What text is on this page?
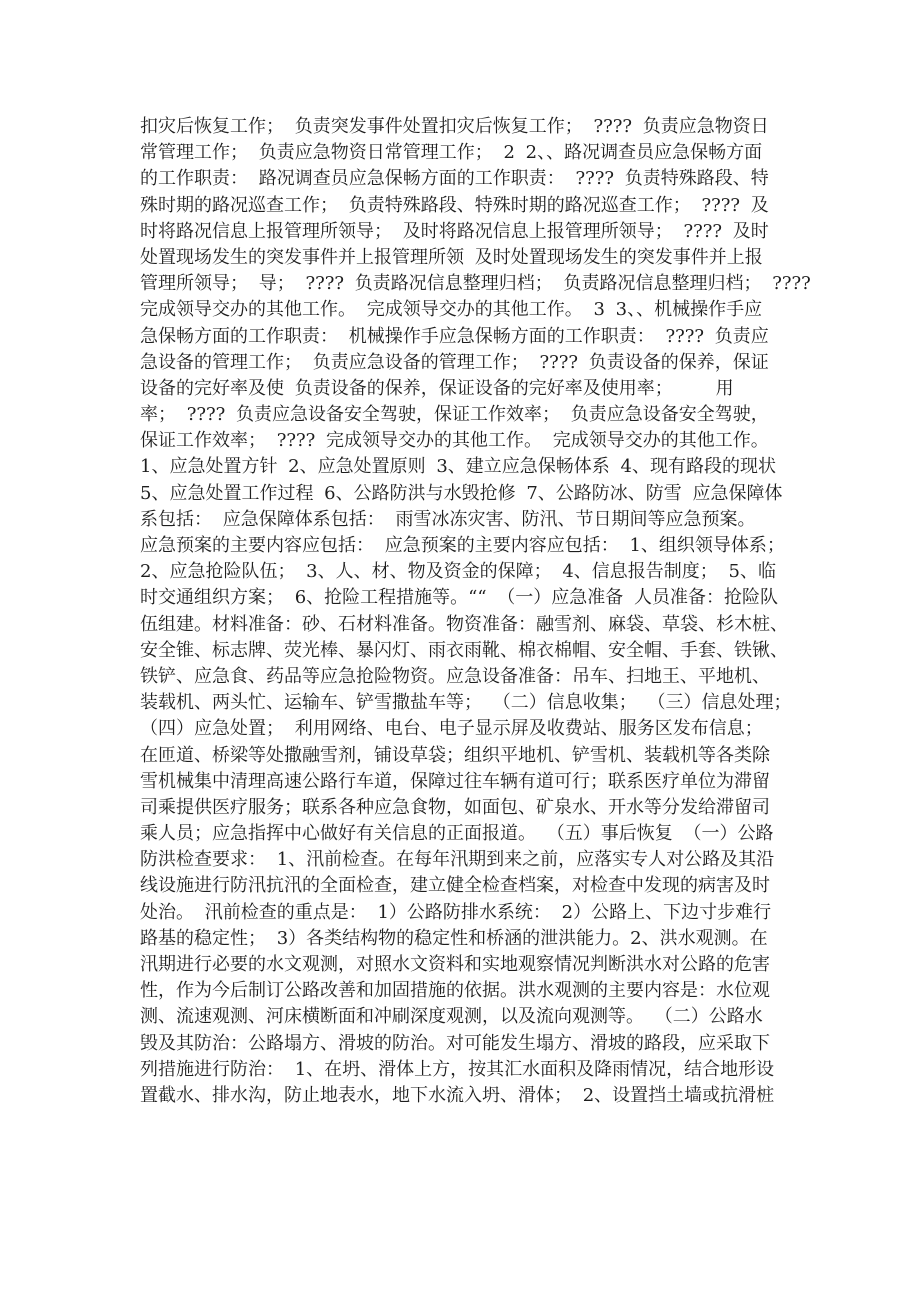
扣灾后恢复工作； 负责突发事件处置扣灾后恢复工作； ???? 负责应急物资日
常管理工作； 负责应急物资日常管理工作； 2 2、、路况调查员应急保畅方面
的工作职责： 路况调查员应急保畅方面的工作职责： ???? 负责特殊路段、特
殊时期的路况巡查工作； 负责特殊路段、特殊时期的路况巡查工作； ???? 及
时将路况信息上报管理所领导； 及时将路况信息上报管理所领导； ???? 及时
处置现场发生的突发事件并上报管理所领 及时处置现场发生的突发事件并上报
管理所领导； 导； ???? 负责路况信息整理归档； 负责路况信息整理归档； ????
完成领导交办的其他工作。 完成领导交办的其他工作。 3 3、、机械操作手应
急保畅方面的工作职责： 机械操作手应急保畅方面的工作职责： ???? 负责应
急设备的管理工作； 负责应急设备的管理工作； ???? 负责设备的保养，保证
设备的完好率及使 负责设备的保养，保证设备的完好率及使用率；    用
率； ???? 负责应急设备安全驾驶，保证工作效率； 负责应急设备安全驾驶，
保证工作效率； ???? 完成领导交办的其他工作。 完成领导交办的其他工作。
1、应急处置方针 2、应急处置原则 3、建立应急保畅体系 4、现有路段的现状
5、应急处置工作过程 6、公路防洪与水毁抢修 7、公路防冰、防雪 应急保障体
系包括： 应急保障体系包括： 雨雪冰冻灾害、防汛、节日期间等应急预案。
应急预案的主要内容应包括： 应急预案的主要内容应包括： 1、组织领导体系；
2、应急抢险队伍； 3、人、材、物及资金的保障； 4、信息报告制度； 5、临
时交通组织方案； 6、抢险工程措施等。““ （一）应急准备 人员准备：抢险队
伍组建。材料准备：砂、石材料准备。物资准备：融雪剂、麻袋、草袋、杉木桩、
安全锥、标志牌、荧光棒、暴闪灯、雨衣雨靴、棉衣棉帽、安全帽、手套、铁锹、
铁铲、应急食、药品等应急抢险物资。应急设备准备：吊车、扫地王、平地机、
装载机、两头忙、运输车、铲雪撒盐车等； （二）信息收集； （三）信息处理；
（四）应急处置； 利用网络、电台、电子显示屏及收费站、服务区发布信息；
在匝道、桥梁等处撒融雪剂，铺设草袋；组织平地机、铲雪机、装载机等各类除
雪机械集中清理高速公路行车道，保障过往车辆有道可行；联系医疗单位为滞留
司乘提供医疗服务；联系各种应急食物，如面包、矿泉水、开水等分发给滞留司
乘人员；应急指挥中心做好有关信息的正面报道。 （五）事后恢复 （一）公路
防洪检查要求： 1、汛前检查。在每年汛期到来之前，应落实专人对公路及其沿
线设施进行防汛抗汛的全面检查，建立健全检查档案，对检查中发现的病害及时
处治。 汛前检查的重点是： 1）公路防排水系统： 2）公路上、下边寸步难行
路基的稳定性； 3）各类结构物的稳定性和桥涵的泄洪能力。2、洪水观测。在
汛期进行必要的水文观测，对照水文资料和实地观察情况判断洪水对公路的危害
性，作为今后制订公路改善和加固措施的依据。洪水观测的主要内容是：水位观
测、流速观测、河床横断面和冲刷深度观测，以及流向观测等。 （二）公路水
毁及其防治：公路塌方、滑坡的防治。对可能发生塌方、滑坡的路段，应采取下
列措施进行防治： 1、在坍、滑体上方，按其汇水面积及降雨情况，结合地形设
置截水、排水沟，防止地表水，地下水流入坍、滑体； 2、设置挡土墙或抗滑桩
